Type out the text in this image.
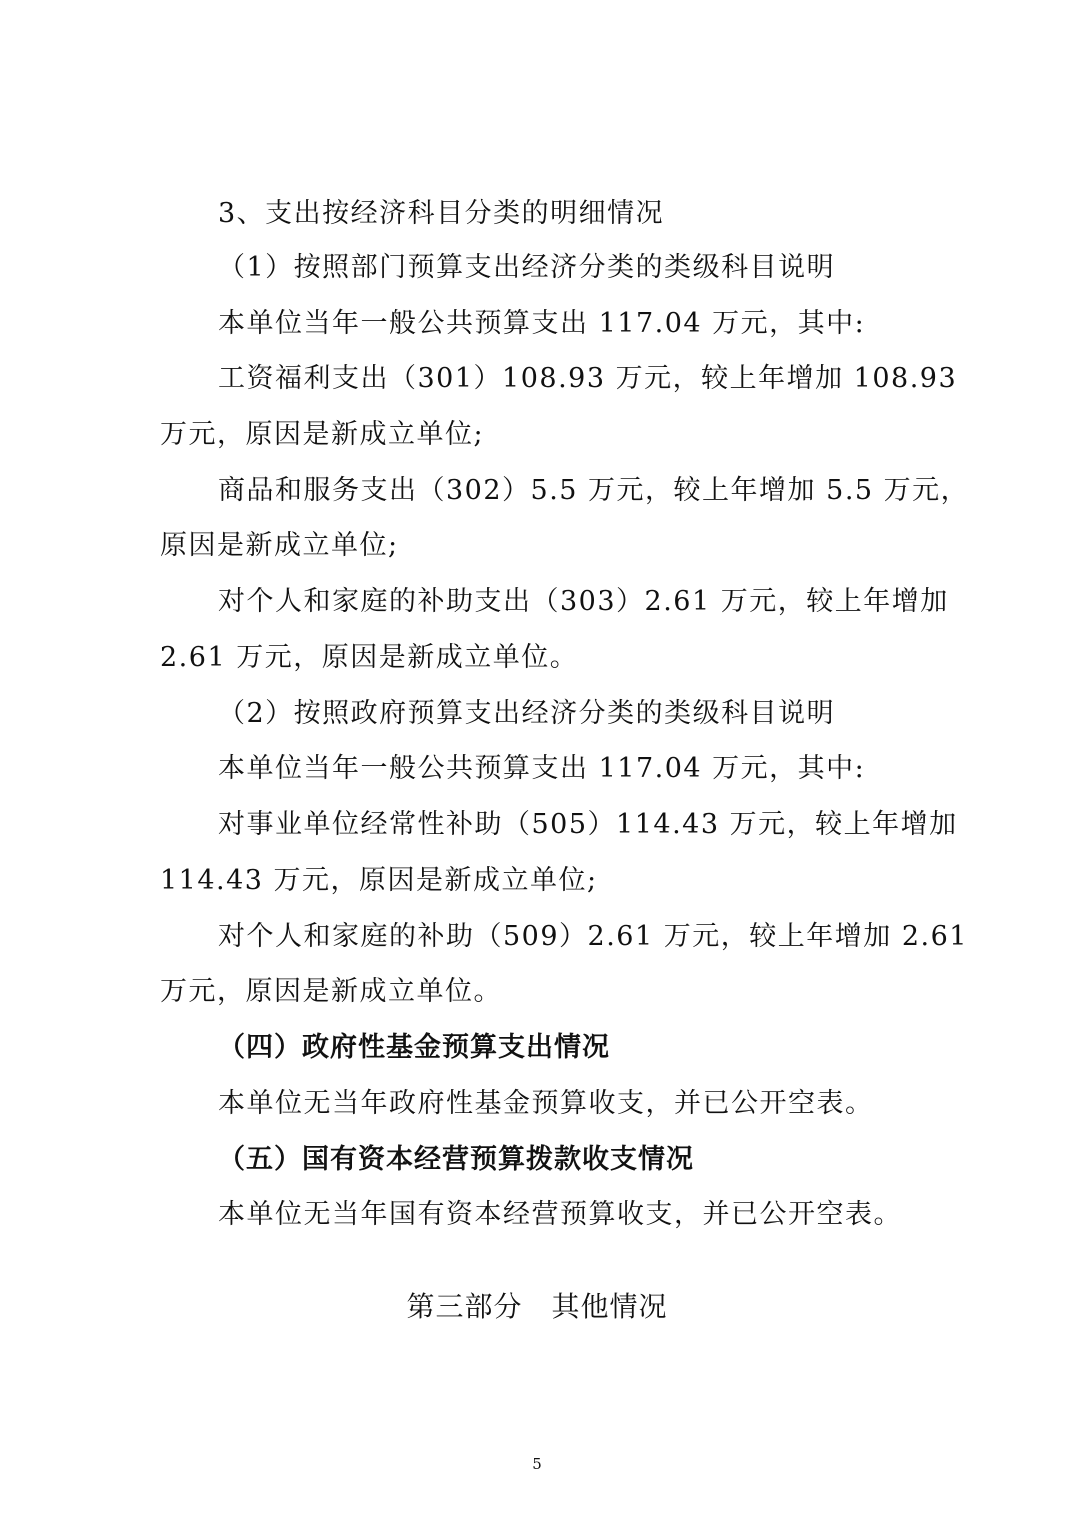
3、支出按经济科目分类的明细情况
（1）按照部门预算支出经济分类的类级科目说明
本单位当年一般公共预算支出 117.04 万元，其中:
工资福利支出（301）108.93 万元，较上年增加 108.93
万元，原因是新成立单位;
商品和服务支出（302）5.5 万元，较上年增加 5.5 万元，
原因是新成立单位;
对个人和家庭的补助支出（303）2.61 万元，较上年增加
2.61 万元，原因是新成立单位。
（2）按照政府预算支出经济分类的类级科目说明
本单位当年一般公共预算支出 117.04 万元，其中:
对事业单位经常性补助（505）114.43 万元，较上年增加
114.43 万元，原因是新成立单位;
对个人和家庭的补助（509）2.61 万元，较上年增加 2.61
万元，原因是新成立单位。
（四）政府性基金预算支出情况
本单位无当年政府性基金预算收支，并已公开空表。
（五）国有资本经营预算拨款收支情况
本单位无当年国有资本经营预算收支，并已公开空表。
第三部分　其他情况
5
